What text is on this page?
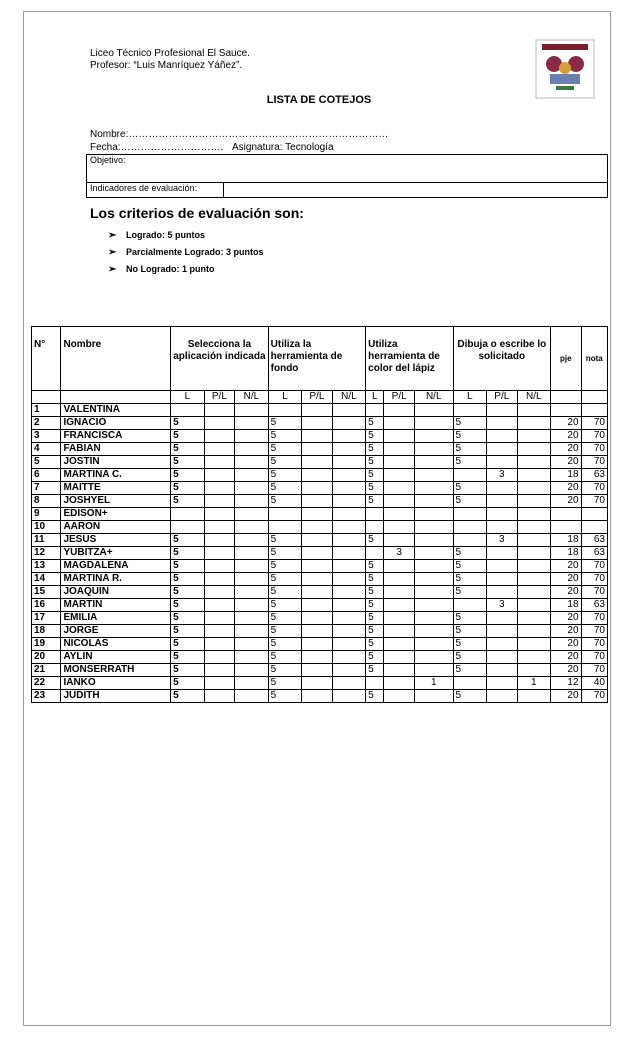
Liceo Técnico Profesional El Sauce.
Profesor: “Luis Manríquez Yáñez”.
LISTA DE COTEJOS
Nombre:……………………………………………………………………
Fecha:…………………………. Asignatura: Tecnología
Objetivo:
Indicadores de evaluación:	
Los criterios de evaluación son:
➢ Logrado: 5 puntos
➢ Parcialmente Logrado: 3 puntos
➢ No Logrado: 1 punto
N°	Nombre	Selecciona la aplicación indicada			Utiliza la herramienta de fondo			Utiliza herramienta de color del lápiz			Dibuja o escribe lo solicitado			pje	nota
		L	P/L	N/L	L	P/L	N/L	L	P/L	N/L	L	P/L	N/L		
1	VALENTINA														
2	IGNACIO	5			5			5			5			20	70
3	FRANCISCA	5			5			5			5			20	70
4	FABIAN	5			5			5			5			20	70
5	JOSTIN	5			5			5			5			20	70
6	MARTINA C.	5			5			5				3		18	63
7	MAITTE	5			5			5			5			20	70
8	JOSHYEL	5			5			5			5			20	70
9	EDISON+														
10	AARON														
11	JESUS	5			5			5				3		18	63
12	YUBITZA+	5			5				3		5			18	63
13	MAGDALENA	5			5			5			5			20	70
14	MARTINA R.	5			5			5			5			20	70
15	JOAQUIN	5			5			5			5			20	70
16	MARTIN	5			5			5				3		18	63
17	EMILIA	5			5			5			5			20	70
18	JORGE	5			5			5			5			20	70
19	NICOLAS	5			5			5			5			20	70
20	AYLIN	5			5			5			5			20	70
21	MONSERRATH	5			5			5			5			20	70
22	IANKO	5			5					1			1	12	40
23	JUDITH	5			5			5			5			20	70
